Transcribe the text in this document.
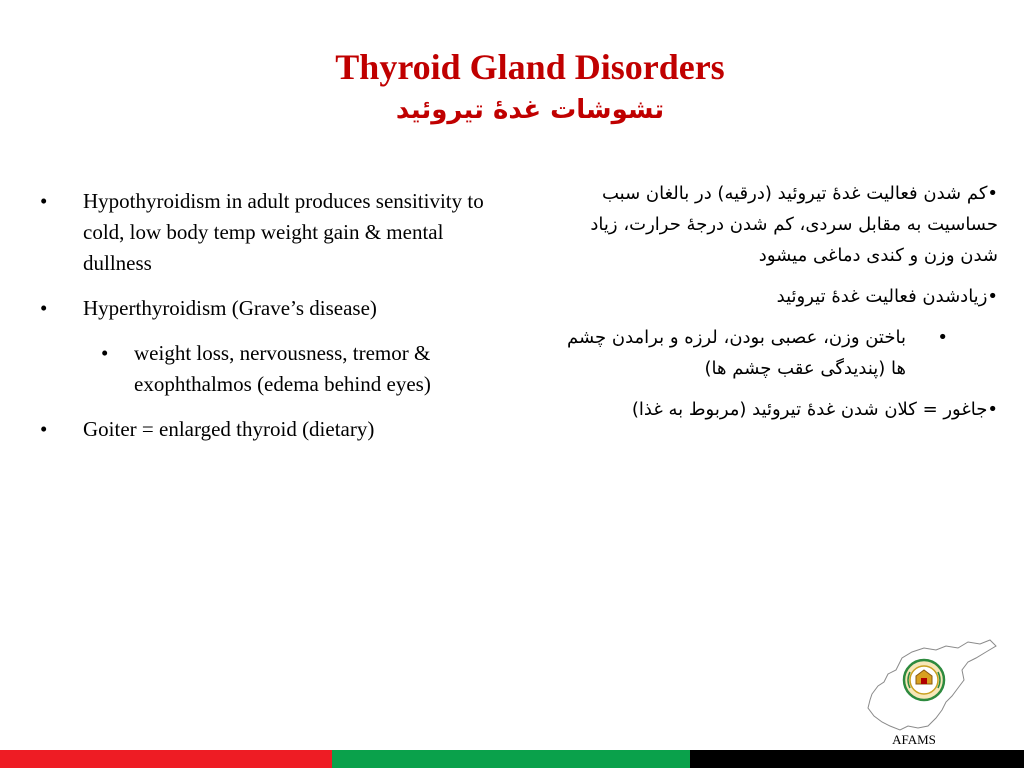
Thyroid Gland Disorders
تشوشات غدۀ تیروئید
•	Hypothyroidism in adult produces sensitivity to cold, low body temp weight gain & mental dullness
•	Hyperthyroidism (Grave’s disease)
•	weight loss, nervousness, tremor & exophthalmos (edema behind eyes)
•	Goiter = enlarged thyroid (dietary)

•کم شدن فعالیت غدۀ تیروئید (درقیه) در بالغان سبب حساسیت به مقابل سردی، کم شدن درجۀ حرارت، زیاد شدن وزن و کندی دماغی میشود

•زیادشدن فعالیت غدۀ تیروئید

•
باختن وزن، عصبی بودن، لرزه و برامدن چشم ها (پندیدگی عقب چشم ها)

•جاغور = کلان شدن غدۀ تیروئید (مربوط به غذا)

AFAMS
